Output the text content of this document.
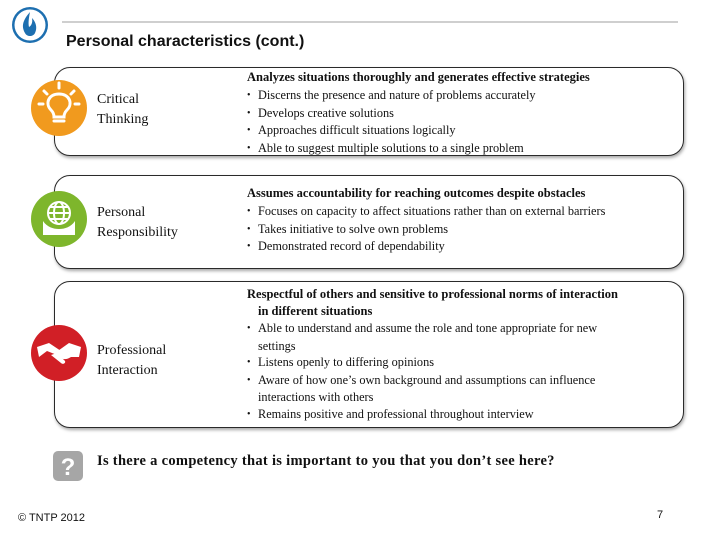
Personal characteristics (cont.)
Critical
Thinking
Analyzes situations thoroughly and generates effective strategies
• Discerns the presence and nature of problems accurately
• Develops creative solutions
• Approaches difficult situations logically
• Able to suggest multiple solutions to a single problem
Personal
Responsibility
Assumes accountability for reaching outcomes despite obstacles
• Focuses on capacity to affect situations rather than on external barriers
• Takes initiative to solve own problems
• Demonstrated record of dependability
Professional
Interaction
Respectful of others and sensitive to professional norms of interaction
in different situations
• Able to understand and assume the role and tone appropriate for new
settings
• Listens openly to differing opinions
• Aware of how one’s own background and assumptions can influence
interactions with others
• Remains positive and professional throughout interview
? Is there a competency that is important to you that you don’t see here?
© TNTP 2012	7
